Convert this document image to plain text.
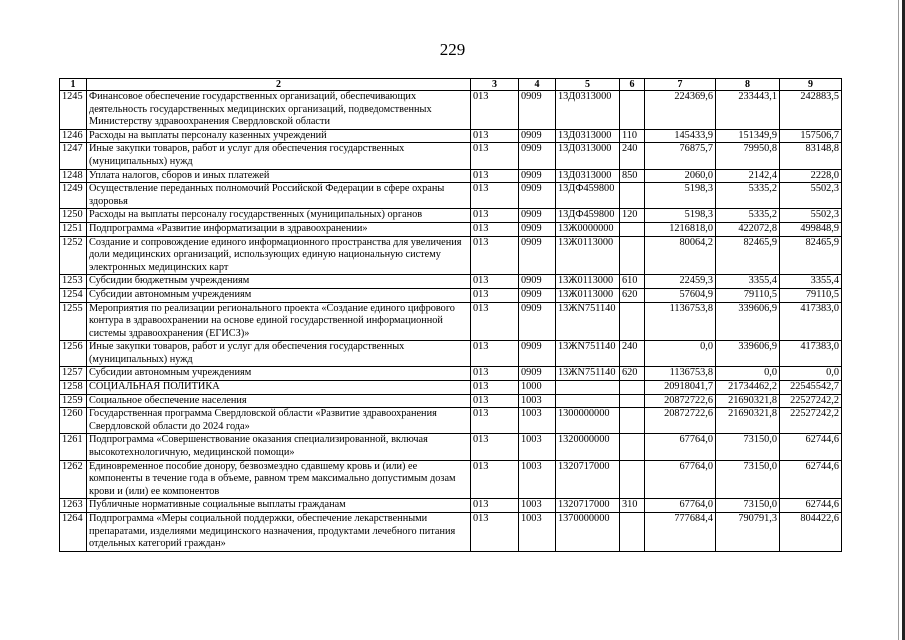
229
1	2	3	4	5	6	7	8	9
1245	Финансовое обеспечение государственных организаций, обеспечивающих деятельность государственных медицинских организаций, подведомственных Министерству здравоохранения Свердловской области	013	0909	13Д0313000		224369,6	233443,1	242883,5
1246	Расходы на выплаты персоналу казенных учреждений	013	0909	13Д0313000	110	145433,9	151349,9	157506,7
1247	Иные закупки товаров, работ и услуг для обеспечения государственных (муниципальных) нужд	013	0909	13Д0313000	240	76875,7	79950,8	83148,8
1248	Уплата налогов, сборов и иных платежей	013	0909	13Д0313000	850	2060,0	2142,4	2228,0
1249	Осуществление переданных полномочий Российской Федерации в сфере охраны здоровья	013	0909	13ДФ459800		5198,3	5335,2	5502,3
1250	Расходы на выплаты персоналу государственных (муниципальных) органов	013	0909	13ДФ459800	120	5198,3	5335,2	5502,3
1251	Подпрограмма «Развитие информатизации в здравоохранении»	013	0909	13Ж0000000		1216818,0	422072,8	499848,9
1252	Создание и сопровождение единого информационного пространства для увеличения доли медицинских организаций, использующих единую национальную систему электронных медицинских карт	013	0909	13Ж0113000		80064,2	82465,9	82465,9
1253	Субсидии бюджетным учреждениям	013	0909	13Ж0113000	610	22459,3	3355,4	3355,4
1254	Субсидии автономным учреждениям	013	0909	13Ж0113000	620	57604,9	79110,5	79110,5
1255	Мероприятия по реализации регионального проекта «Создание единого цифрового контура в здравоохранении на основе единой государственной информационной системы здравоохранения (ЕГИСЗ)»	013	0909	13ЖN751140		1136753,8	339606,9	417383,0
1256	Иные закупки товаров, работ и услуг для обеспечения государственных (муниципальных) нужд	013	0909	13ЖN751140	240	0,0	339606,9	417383,0
1257	Субсидии автономным учреждениям	013	0909	13ЖN751140	620	1136753,8	0,0	0,0
1258	СОЦИАЛЬНАЯ ПОЛИТИКА	013	1000			20918041,7	21734462,2	22545542,7
1259	Социальное обеспечение населения	013	1003			20872722,6	21690321,8	22527242,2
1260	Государственная программа Свердловской области «Развитие здравоохранения Свердловской области до 2024 года»	013	1003	1300000000		20872722,6	21690321,8	22527242,2
1261	Подпрограмма «Совершенствование оказания специализированной, включая высокотехнологичную, медицинской помощи»	013	1003	1320000000		67764,0	73150,0	62744,6
1262	Единовременное пособие донору, безвозмездно сдавшему кровь и (или) ее компоненты в течение года в объеме, равном трем максимально допустимым дозам крови и (или) ее компонентов	013	1003	1320717000		67764,0	73150,0	62744,6
1263	Публичные нормативные социальные выплаты гражданам	013	1003	1320717000	310	67764,0	73150,0	62744,6
1264	Подпрограмма «Меры социальной поддержки, обеспечение лекарственными препаратами, изделиями медицинского назначения, продуктами лечебного питания отдельных категорий граждан»	013	1003	1370000000		777684,4	790791,3	804422,6
